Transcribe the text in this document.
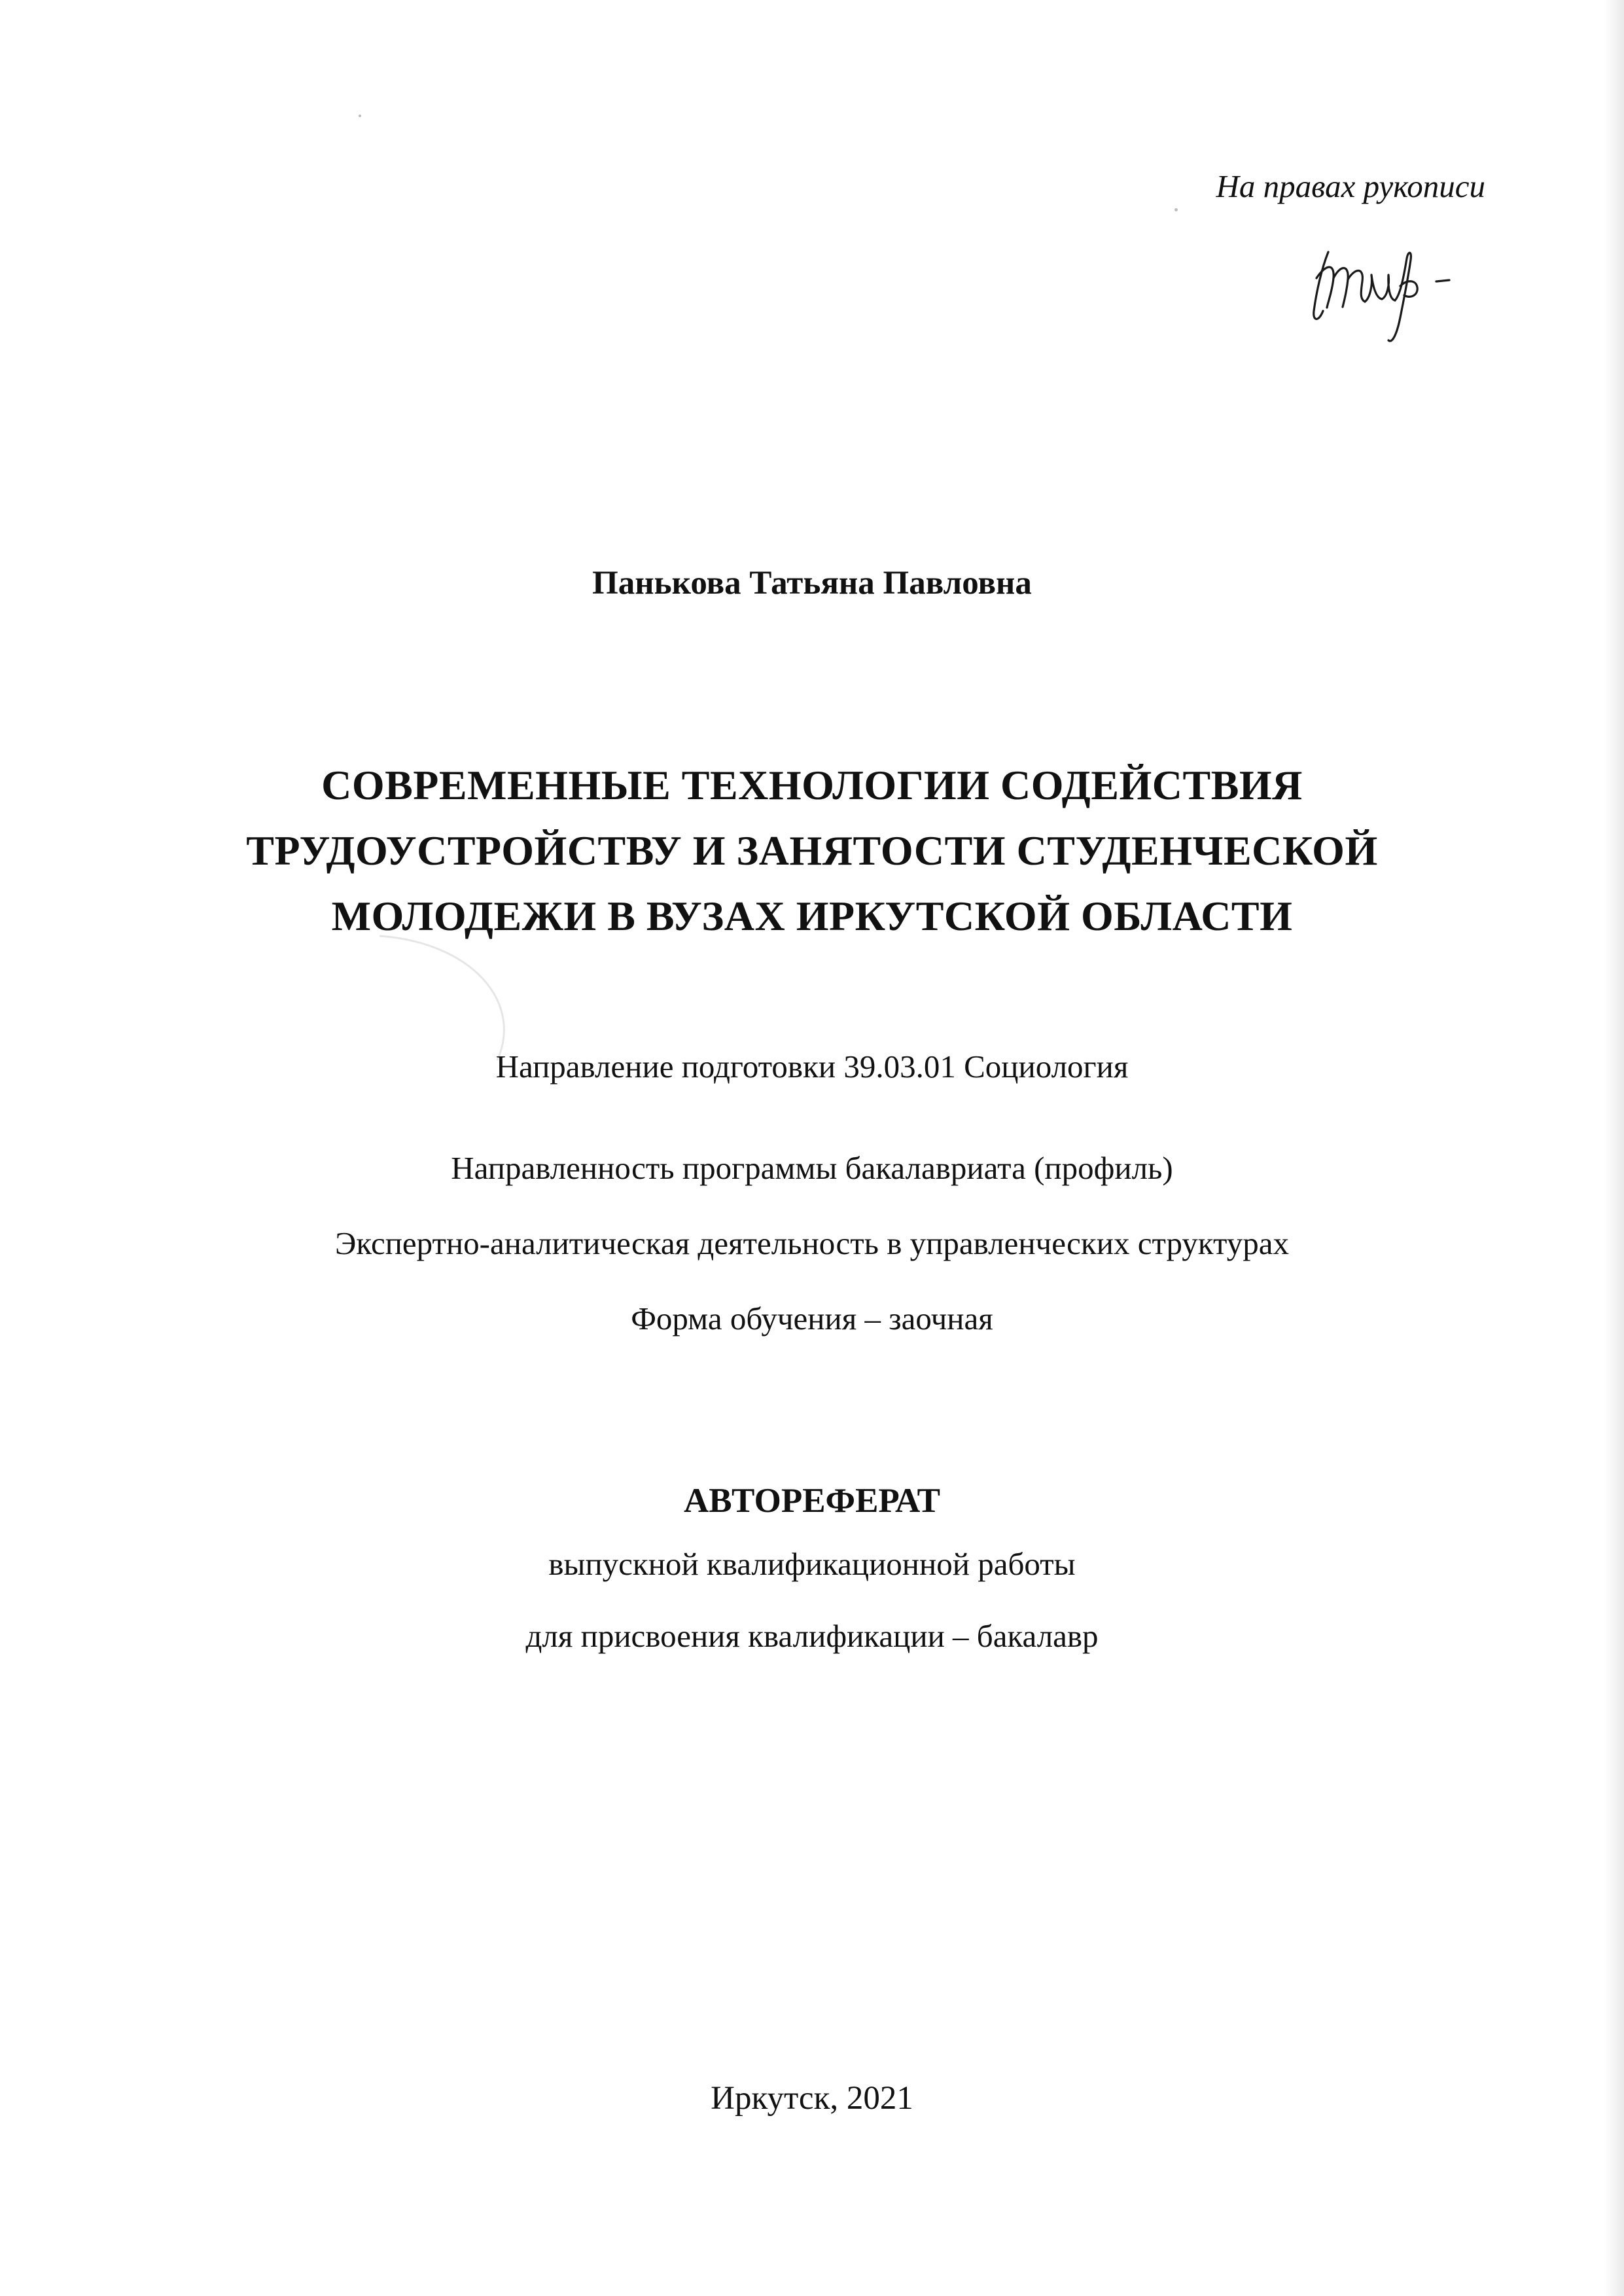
На правах рукописи
Панькова Татьяна Павловна
СОВРЕМЕННЫЕ ТЕХНОЛОГИИ СОДЕЙСТВИЯ
ТРУДОУСТРОЙСТВУ И ЗАНЯТОСТИ СТУДЕНЧЕСКОЙ
МОЛОДЕЖИ В ВУЗАХ ИРКУТСКОЙ ОБЛАСТИ
Направление подготовки 39.03.01 Социология
Направленность программы бакалавриата (профиль)
Экспертно-аналитическая деятельность в управленческих структурах
Форма обучения – заочная
АВТОРЕФЕРАТ
выпускной квалификационной работы
для присвоения квалификации – бакалавр
Иркутск, 2021
